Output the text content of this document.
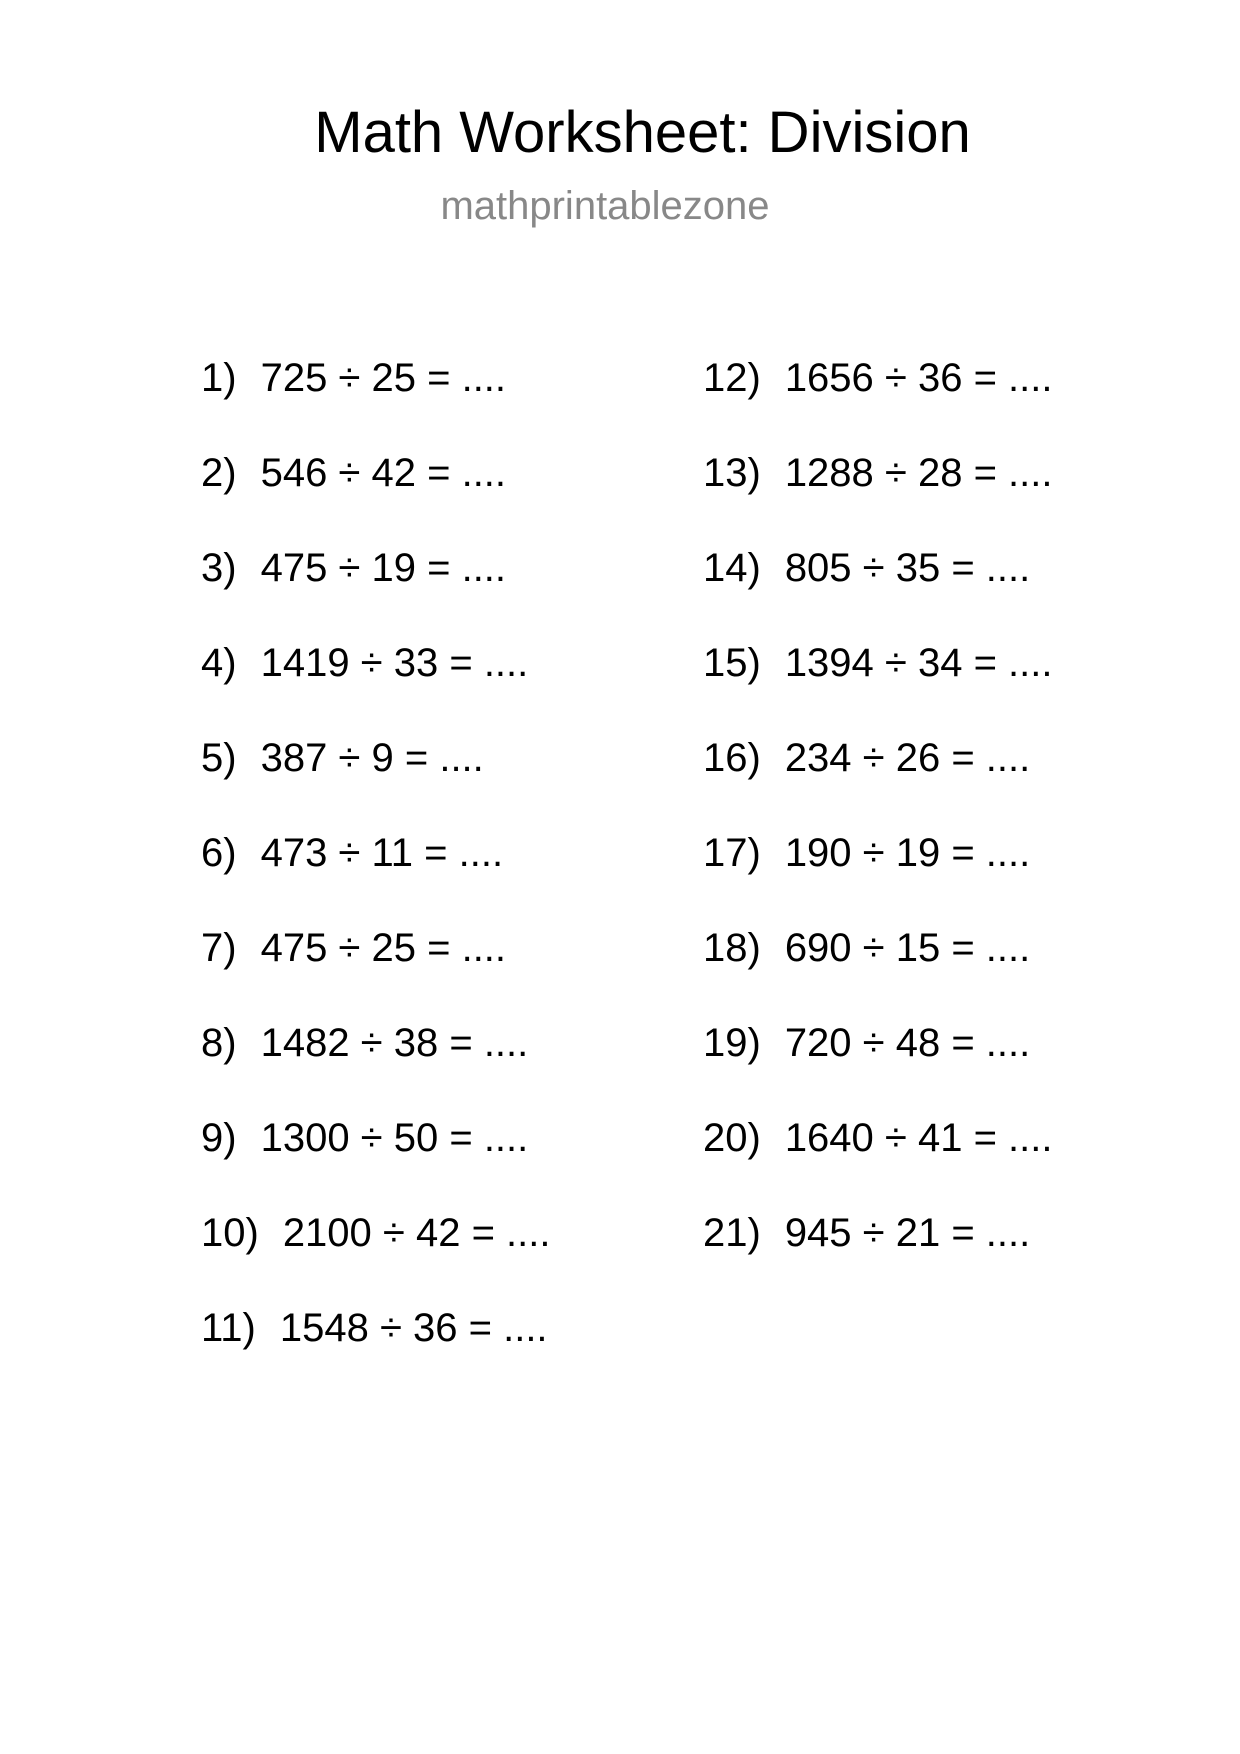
Math Worksheet: Division
mathprintablezone
1) 725 ÷ 25 = ....
2) 546 ÷ 42 = ....
3) 475 ÷ 19 = ....
4) 1419 ÷ 33 = ....
5) 387 ÷ 9 = ....
6) 473 ÷ 11 = ....
7) 475 ÷ 25 = ....
8) 1482 ÷ 38 = ....
9) 1300 ÷ 50 = ....
10) 2100 ÷ 42 = ....
11) 1548 ÷ 36 = ....
12) 1656 ÷ 36 = ....
13) 1288 ÷ 28 = ....
14) 805 ÷ 35 = ....
15) 1394 ÷ 34 = ....
16) 234 ÷ 26 = ....
17) 190 ÷ 19 = ....
18) 690 ÷ 15 = ....
19) 720 ÷ 48 = ....
20) 1640 ÷ 41 = ....
21) 945 ÷ 21 = ....
